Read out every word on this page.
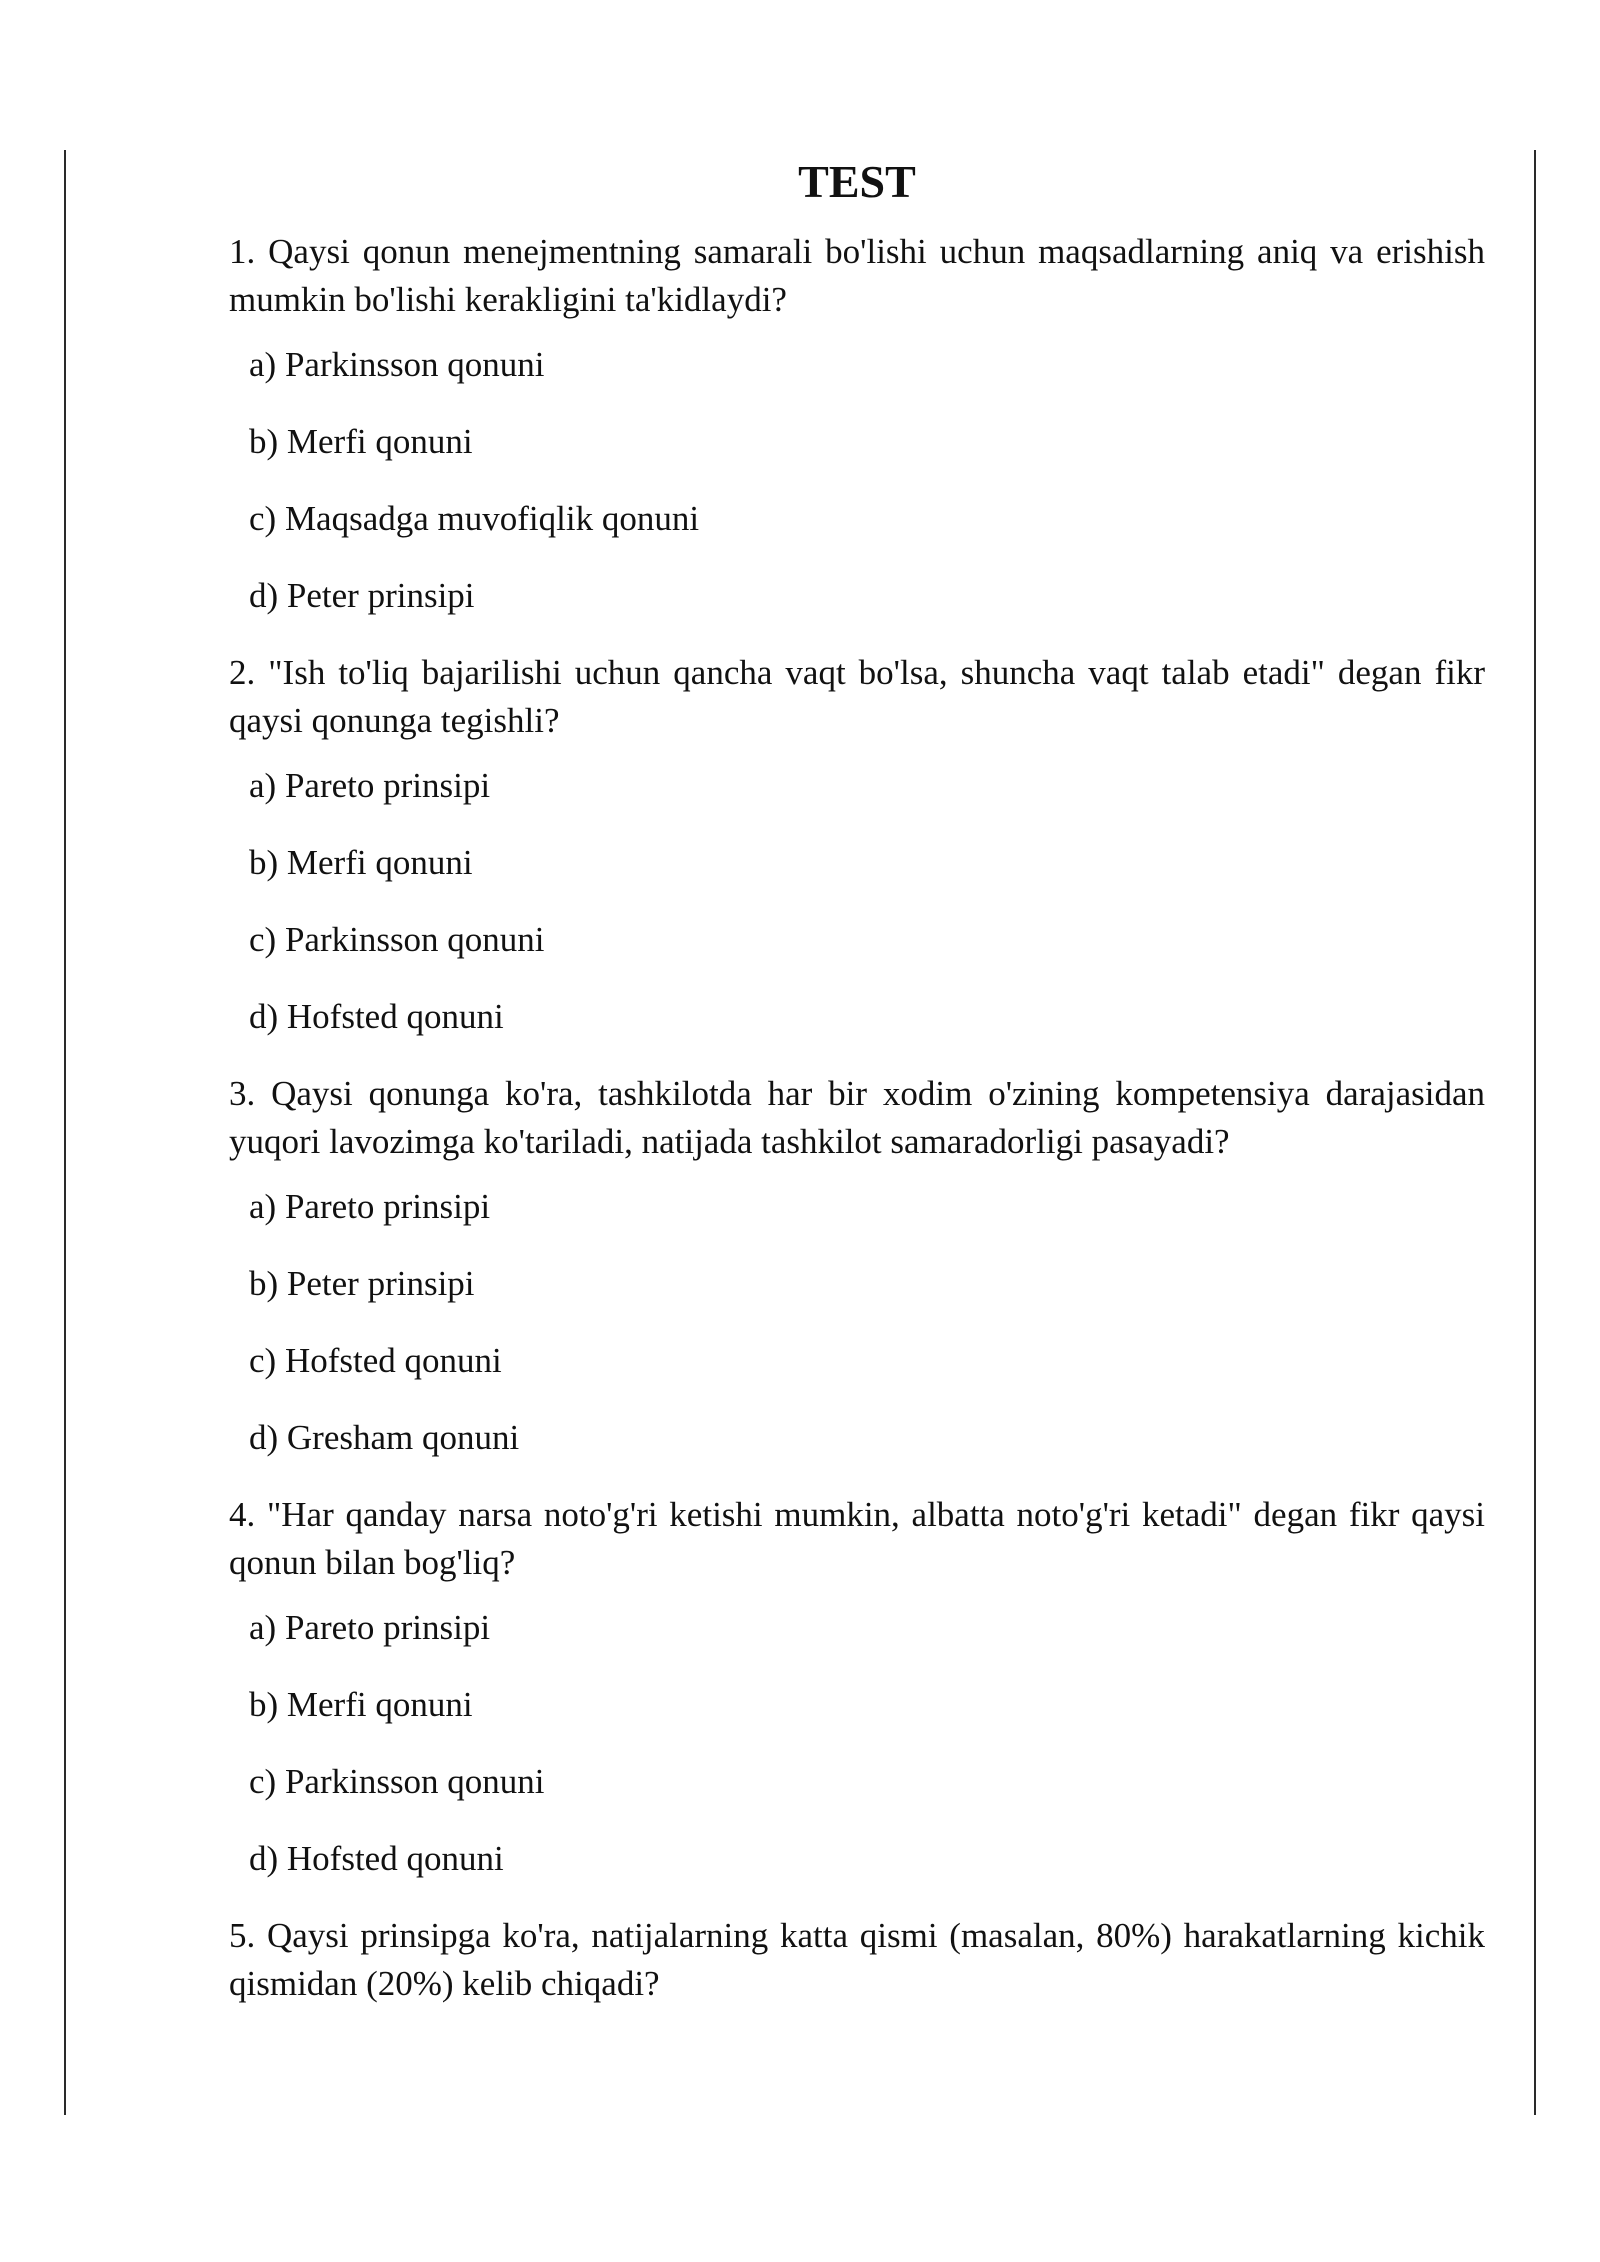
TEST
1. Qaysi qonun menejmentning samarali bo'lishi uchun maqsadlarning aniq va erishish mumkin bo'lishi kerakligini ta'kidlaydi?
a) Parkinsson qonuni
b) Merfi qonuni
c) Maqsadga muvofiqlik qonuni
d) Peter prinsipi
2. "Ish to'liq bajarilishi uchun qancha vaqt bo'lsa, shuncha vaqt talab etadi" degan fikr qaysi qonunga tegishli?
a) Pareto prinsipi
b) Merfi qonuni
c) Parkinsson qonuni
d) Hofsted qonuni
3. Qaysi qonunga ko'ra, tashkilotda har bir xodim o'zining kompetensiya darajasidan yuqori lavozimga ko'tariladi, natijada tashkilot samaradorligi pasayadi?
a) Pareto prinsipi
b) Peter prinsipi
c) Hofsted qonuni
d) Gresham qonuni
4. "Har qanday narsa noto'g'ri ketishi mumkin, albatta noto'g'ri ketadi" degan fikr qaysi qonun bilan bog'liq?
a) Pareto prinsipi
b) Merfi qonuni
c) Parkinsson qonuni
d) Hofsted qonuni
5. Qaysi prinsipga ko'ra, natijalarning katta qismi (masalan, 80%) harakatlarning kichik qismidan (20%) kelib chiqadi?
